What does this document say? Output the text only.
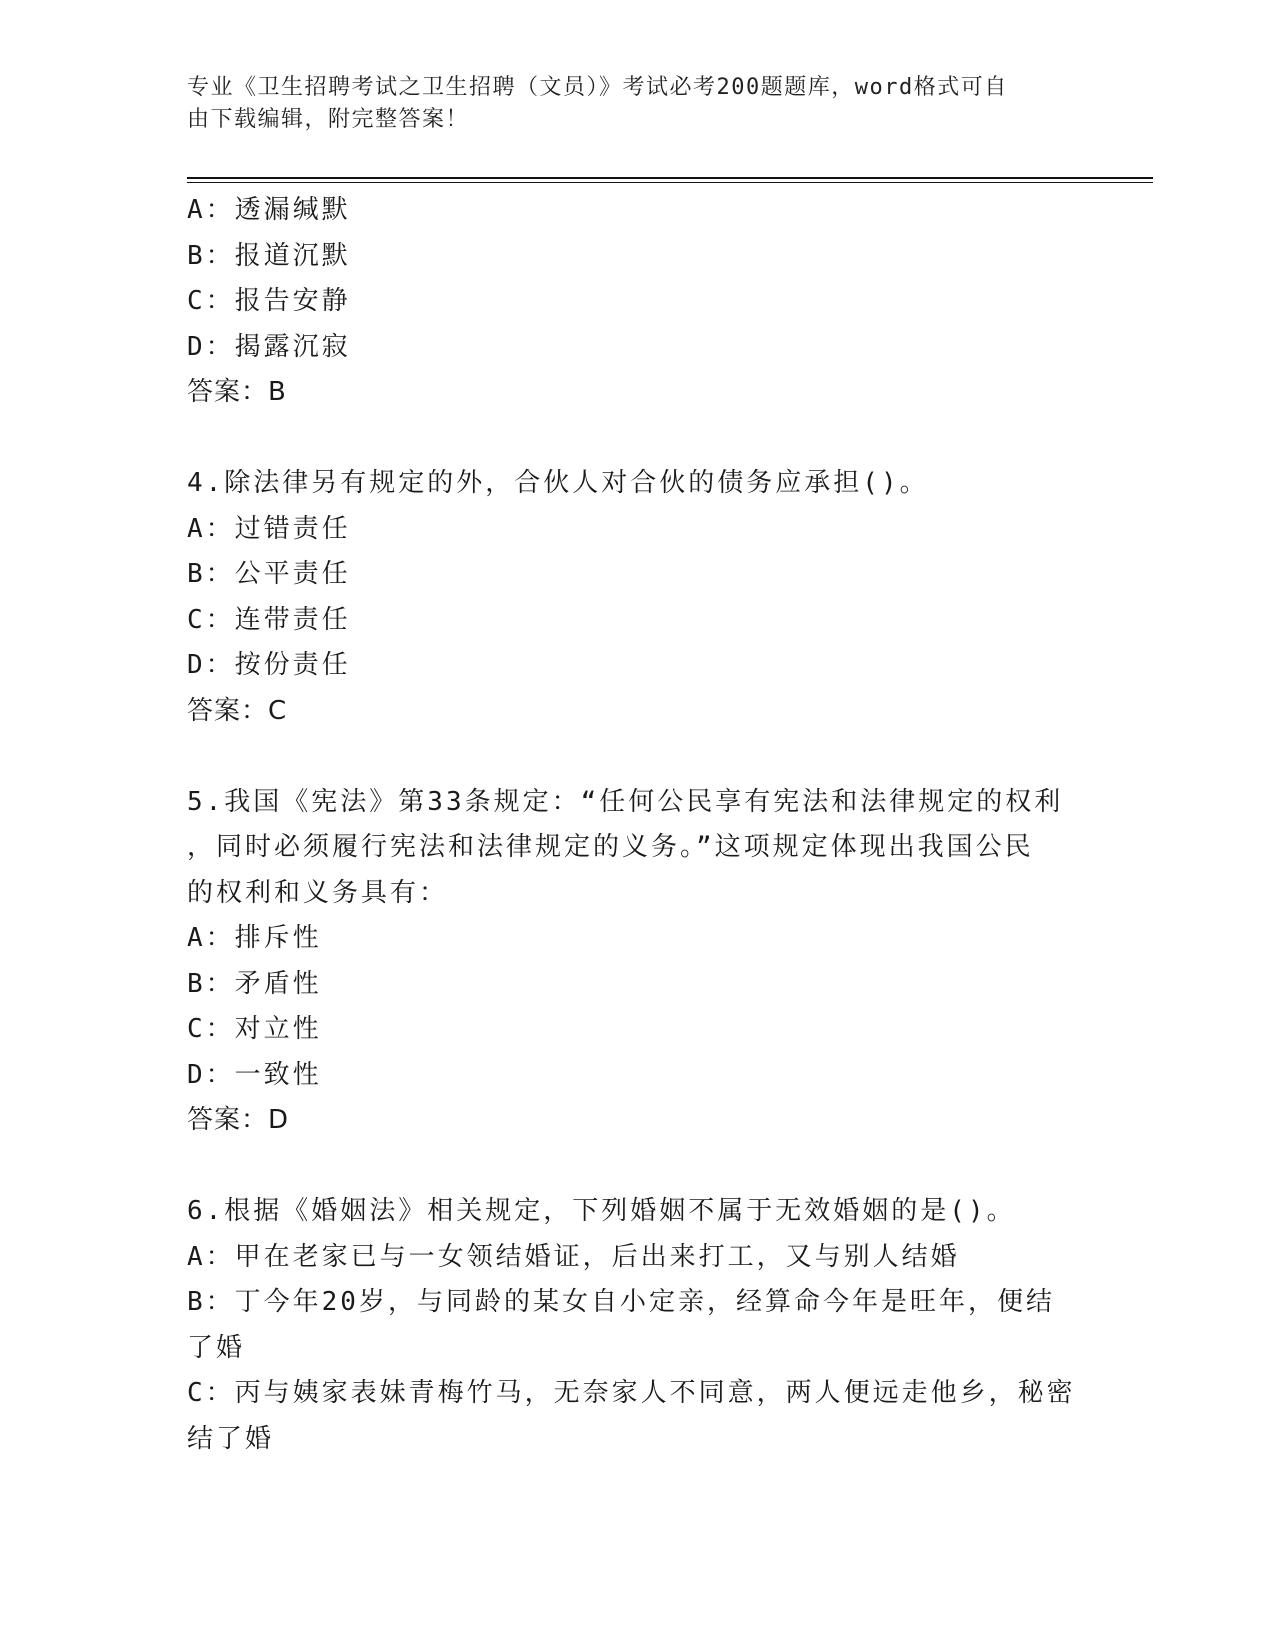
专业《卫生招聘考试之卫生招聘（文员）》考试必考200题题库，word格式可自
由下载编辑，附完整答案！
A：透漏缄默
B：报道沉默
C：报告安静
D：揭露沉寂
答案：B
4.除法律另有规定的外，合伙人对合伙的债务应承担()。
A：过错责任
B：公平责任
C：连带责任
D：按份责任
答案：C
5.我国《宪法》第33条规定：“任何公民享有宪法和法律规定的权利
，同时必须履行宪法和法律规定的义务。”这项规定体现出我国公民
的权利和义务具有：
A：排斥性
B：矛盾性
C：对立性
D：一致性
答案：D
6.根据《婚姻法》相关规定，下列婚姻不属于无效婚姻的是()。
A：甲在老家已与一女领结婚证，后出来打工，又与别人结婚
B：丁今年20岁，与同龄的某女自小定亲，经算命今年是旺年，便结
了婚
C：丙与姨家表妹青梅竹马，无奈家人不同意，两人便远走他乡，秘密
结了婚
